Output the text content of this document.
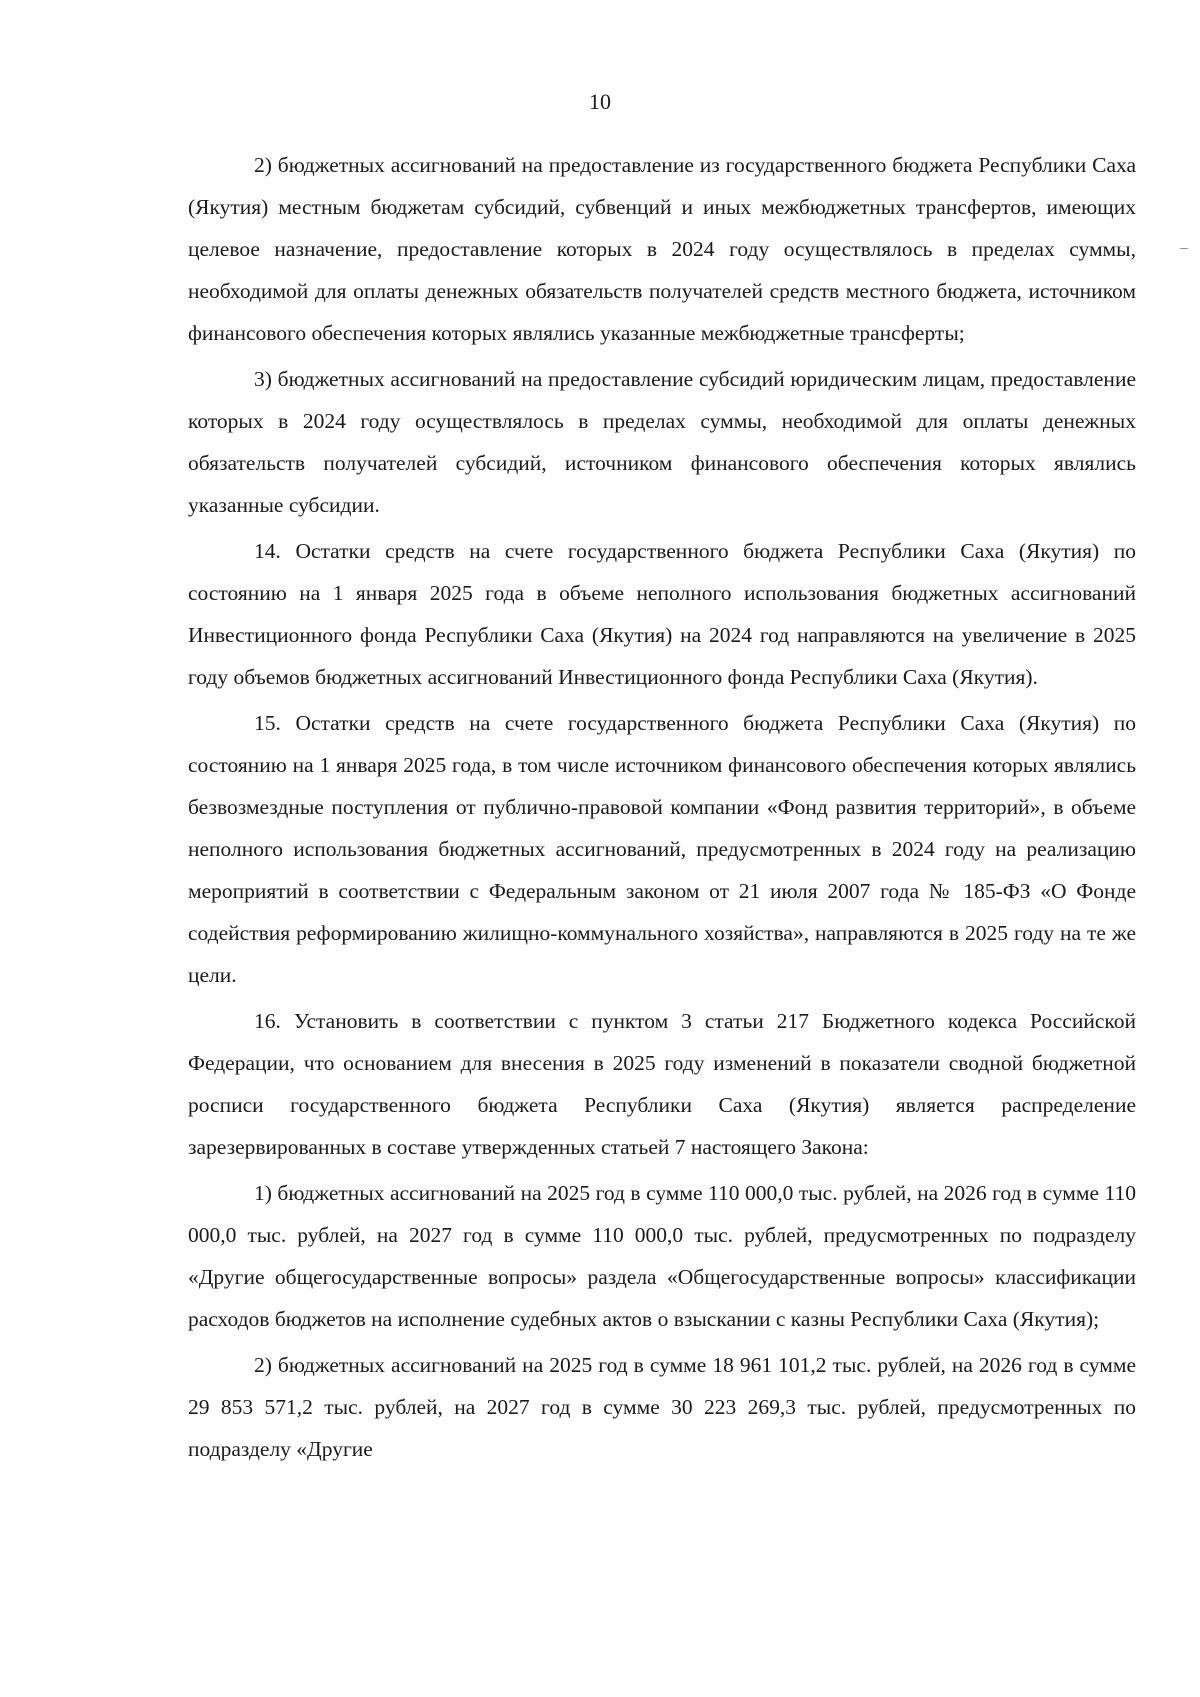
10

2) бюджетных ассигнований на предоставление из государственного бюджета Республики Саха (Якутия) местным бюджетам субсидий, субвенций и иных межбюджетных трансфертов, имеющих целевое назначение, предоставление которых в 2024 году осуществлялось в пределах суммы, необходимой для оплаты денежных обязательств получателей средств местного бюджета, источником финансового обеспечения которых являлись указанные межбюджетные трансферты;

3) бюджетных ассигнований на предоставление субсидий юридическим лицам, предоставление которых в 2024 году осуществлялось в пределах суммы, необходимой для оплаты денежных обязательств получателей субсидий, источником финансового обеспечения которых являлись указанные субсидии.

14. Остатки средств на счете государственного бюджета Республики Саха (Якутия) по состоянию на 1 января 2025 года в объеме неполного использования бюджетных ассигнований Инвестиционного фонда Республики Саха (Якутия) на 2024 год направляются на увеличение в 2025 году объемов бюджетных ассигнований Инвестиционного фонда Республики Саха (Якутия).

15. Остатки средств на счете государственного бюджета Республики Саха (Якутия) по состоянию на 1 января 2025 года, в том числе источником финансового обеспечения которых являлись безвозмездные поступления от публично-правовой компании «Фонд развития территорий», в объеме неполного использования бюджетных ассигнований, предусмотренных в 2024 году на реализацию мероприятий в соответствии с Федеральным законом от 21 июля 2007 года № 185-ФЗ «О Фонде содействия реформированию жилищно-коммунального хозяйства», направляются в 2025 году на те же цели.

16. Установить в соответствии с пунктом 3 статьи 217 Бюджетного кодекса Российской Федерации, что основанием для внесения в 2025 году изменений в показатели сводной бюджетной росписи государственного бюджета Республики Саха (Якутия) является распределение зарезервированных в составе утвержденных статьей 7 настоящего Закона:

1) бюджетных ассигнований на 2025 год в сумме 110 000,0 тыс. рублей, на 2026 год в сумме 110 000,0 тыс. рублей, на 2027 год в сумме 110 000,0 тыс. рублей, предусмотренных по подразделу «Другие общегосударственные вопросы» раздела «Общегосударственные вопросы» классификации расходов бюджетов на исполнение судебных актов о взыскании с казны Республики Саха (Якутия);

2) бюджетных ассигнований на 2025 год в сумме 18 961 101,2 тыс. рублей, на 2026 год в сумме 29 853 571,2 тыс. рублей, на 2027 год в сумме 30 223 269,3 тыс. рублей, предусмотренных по подразделу «Другие
